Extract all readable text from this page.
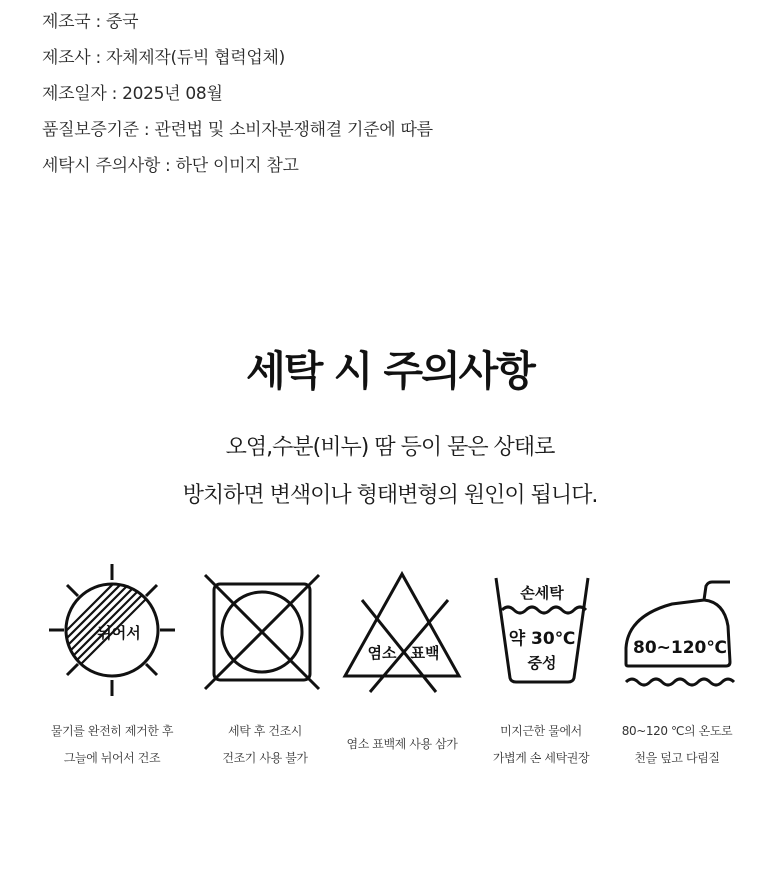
제조국 : 중국
제조사 : 자체제작(듀빅 협력업체)
제조일자 : 2025년 08월
품질보증기준 : 관련법 및 소비자분쟁해결 기준에 따름
세탁시 주의사항 : 하단 이미지 참고
세탁 시 주의사항
오염,수분(비누) 땀 등이 묻은 상태로
방치하면 변색이나 형태변형의 원인이 됩니다.
뉘어서
염소 표백
손세탁
약 30℃
중성
80~120℃
물기를 완전히 제거한 후
그늘에 뉘어서 건조
세탁 후 건조시
건조기 사용 불가
염소 표백제 사용 삼가
미지근한 물에서
가볍게 손 세탁권장
80~120 ℃의 온도로
천을 덮고 다림질
